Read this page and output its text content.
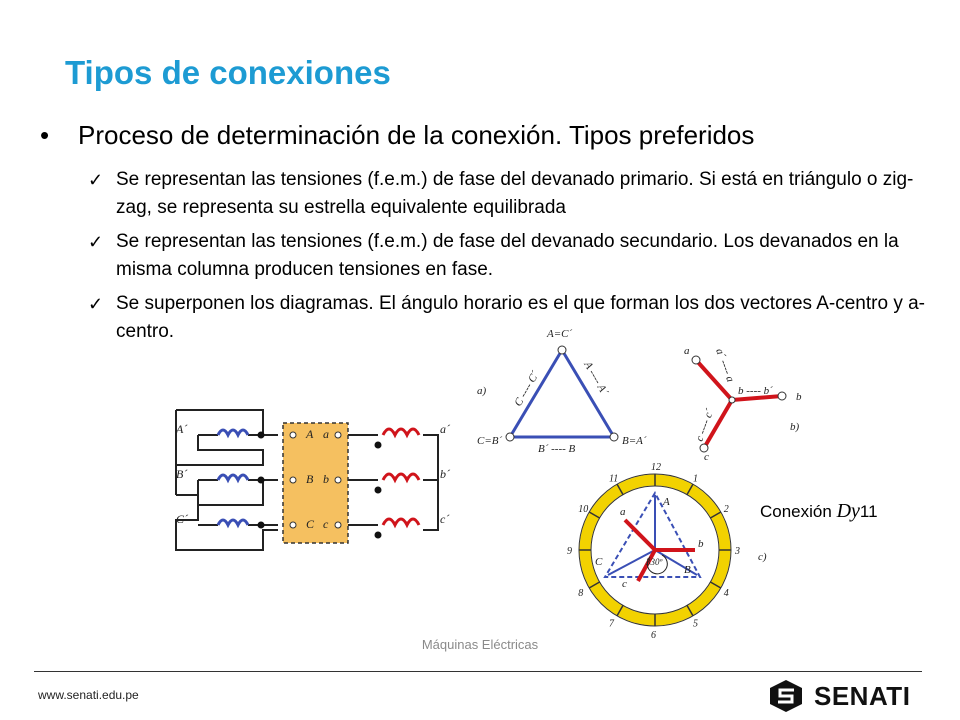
Tipos de conexiones
• Proceso de determinación de la conexión. Tipos preferidos
✓ Se representan las tensiones (f.e.m.) de fase del devanado primario. Si está en triángulo o zig-zag, se representa su estrella equivalente equilibrada
✓ Se representan las tensiones (f.e.m.) de fase del devanado secundario. Los devanados en la misma columna producen tensiones en fase.
✓ Se superponen los diagramas. El ángulo horario es el que forman los dos vectores A-centro y a-centro.
A´
B´
C´
A a
B b
C c
a´
b´
c´
A=C´
C=B´	B=A´
B´ ---- B
a) C ---- C´	A ---- A´
a
b
c
b ---- b´
a´ ---- a
c ---- c´	b)
12
1
2
3
4
5
6
7
8
9
10
11
A
a
b
B
C
c
330º	c)
Conexión Dy11
Máquinas Eléctricas
www.senati.edu.pe	SENATI
